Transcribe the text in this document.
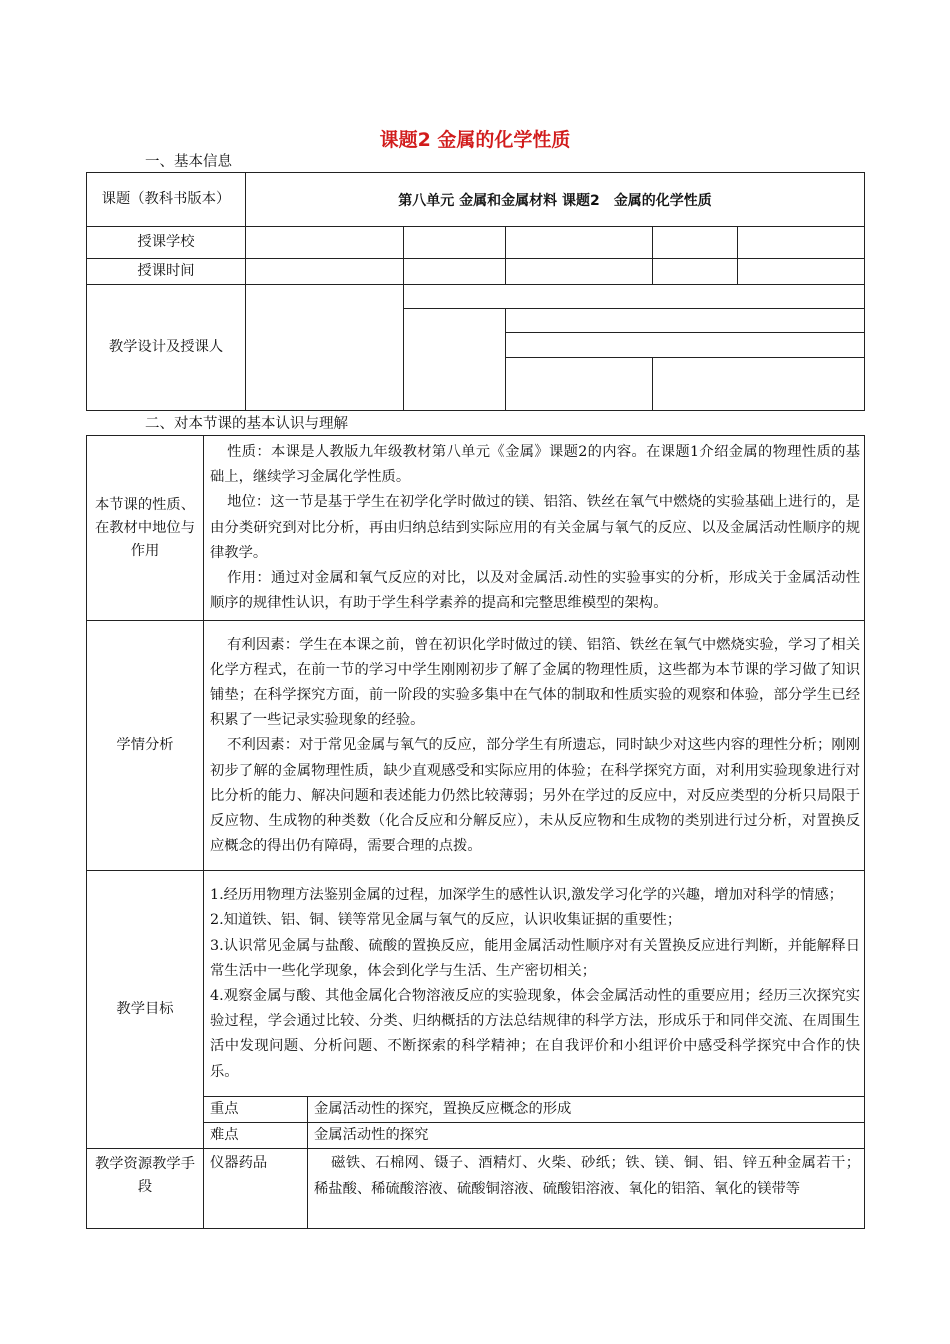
课题2 金属的化学性质
一、基本信息
课题（教科书版本）	第八单元 金属和金属材料 课题2　金属的化学性质				
授课学校					
授课时间					
教学设计及授课人					

二、对本节课的基本认识与理解
本节课的性质、在教材中地位与作用	性质：本课是人教版九年级教材第八单元《金属》课题2的内容。在课题1介绍金属的物理性质的基础上，继续学习金属化学性质。
地位：这一节是基于学生在初学化学时做过的镁、铝箔、铁丝在氧气中燃烧的实验基础上进行的，是由分类研究到对比分析，再由归纳总结到实际应用的有关金属与氧气的反应、以及金属活动性顺序的规律教学。
作用：通过对金属和氧气反应的对比，以及对金属活.动性的实验事实的分析，形成关于金属活动性顺序的规律性认识，有助于学生科学素养的提高和完整思维模型的架构。	

学情分析	有利因素：学生在本课之前，曾在初识化学时做过的镁、铝箔、铁丝在氧气中燃烧实验，学习了相关化学方程式，在前一节的学习中学生刚刚初步了解了金属的物理性质，这些都为本节课的学习做了知识铺垫；在科学探究方面，前一阶段的实验多集中在气体的制取和性质实验的观察和体验，部分学生已经积累了一些记录实验现象的经验。
不利因素：对于常见金属与氧气的反应，部分学生有所遗忘，同时缺少对这些内容的理性分析；刚刚初步了解的金属物理性质，缺少直观感受和实际应用的体验；在科学探究方面，对利用实验现象进行对比分析的能力、解决问题和表述能力仍然比较薄弱；另外在学过的反应中，对反应类型的分析只局限于反应物、生成物的种类数（化合反应和分解反应），未从反应物和生成物的类别进行过分析，对置换反应概念的得出仍有障碍，需要合理的点拨。	

教学目标	1.经历用物理方法鉴别金属的过程，加深学生的感性认识,激发学习化学的兴趣，增加对科学的情感；
2.知道铁、铝、铜、镁等常见金属与氧气的反应，认识收集证据的重要性；
3.认识常见金属与盐酸、硫酸的置换反应，能用金属活动性顺序对有关置换反应进行判断，并能解释日常生活中一些化学现象，体会到化学与生活、生产密切相关；
4.观察金属与酸、其他金属化合物溶液反应的实验现象，体会金属活动性的重要应用；经历三次探究实验过程，学会通过比较、分类、归纳概括的方法总结规律的科学方法，形成乐于和同伴交流、在周围生活中发现问题、分析问题、不断探索的科学精神；在自我评价和小组评价中感受科学探究中合作的快乐。	

	重点	金属活动性的探究，置换反应概念的形成
	难点	金属活动性的探究
教学资源教学手段	仪器药品	磁铁、石棉网、镊子、酒精灯、火柴、砂纸；铁、镁、铜、铝、锌五种金属若干；稀盐酸、稀硫酸溶液、硫酸铜溶液、硫酸铝溶液、氧化的铝箔、氧化的镁带等
